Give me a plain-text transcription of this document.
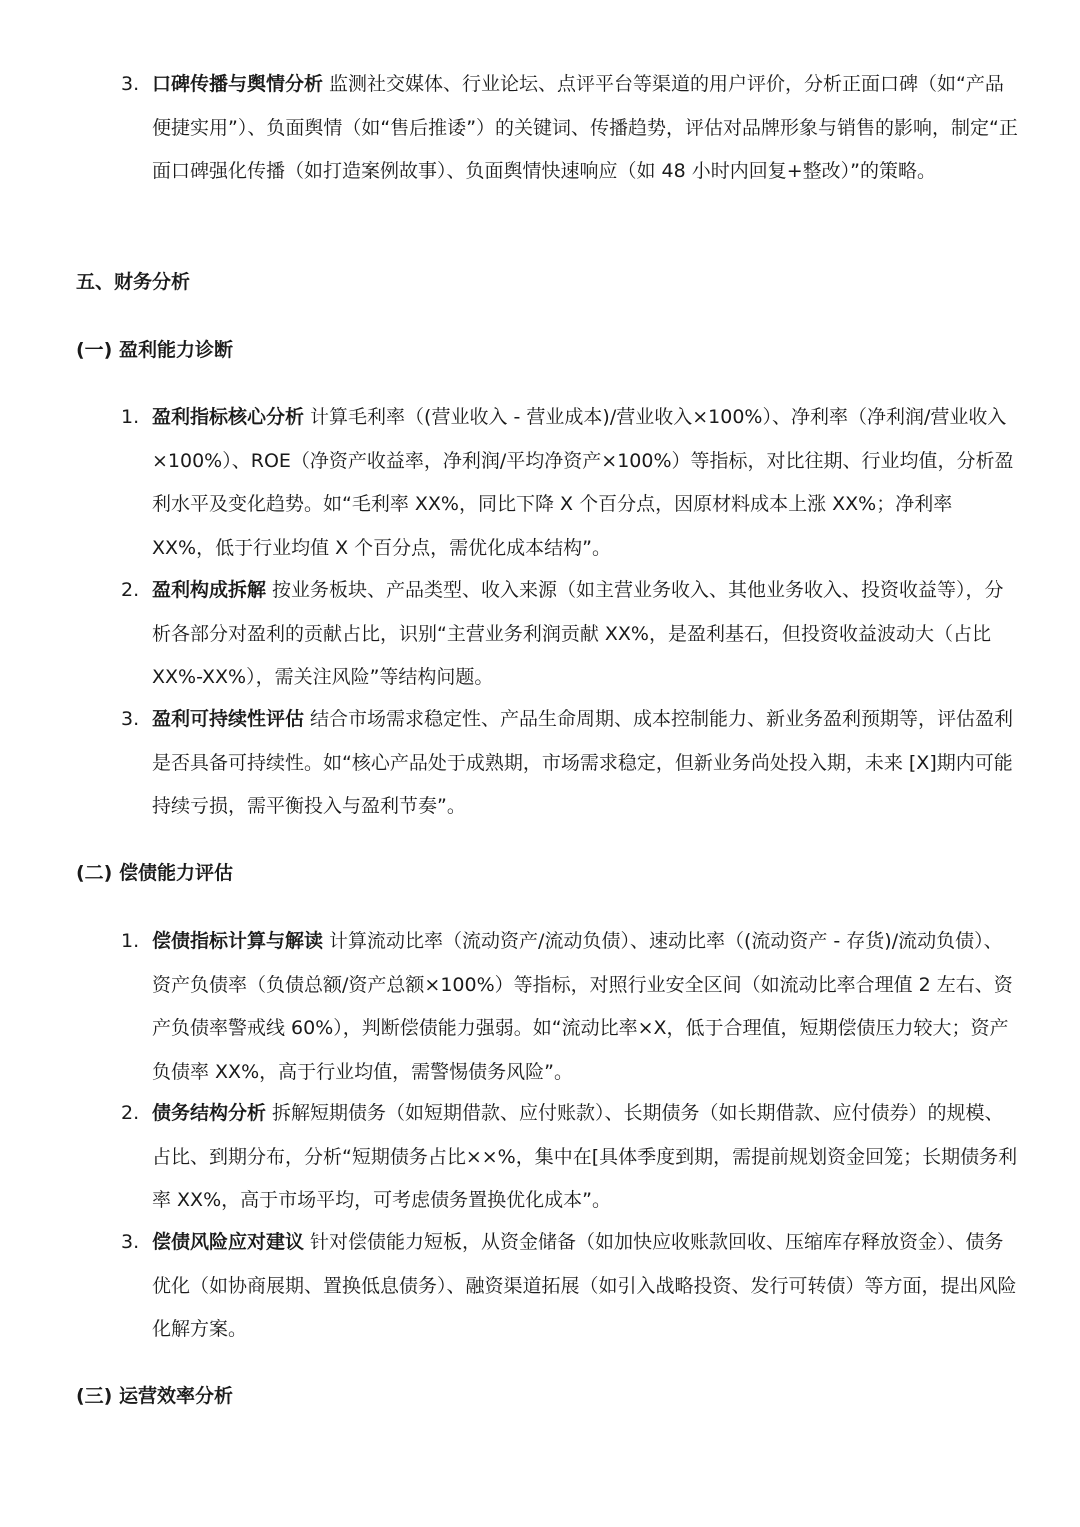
3. 口碑传播与舆情分析 监测社交媒体、行业论坛、点评平台等渠道的用户评价，分析正面口碑（如“产品便捷实用”）、负面舆情（如“售后推诿”）的关键词、传播趋势，评估对品牌形象与销售的影响，制定“正面口碑强化传播（如打造案例故事）、负面舆情快速响应（如 48 小时内回复+整改）”的策略。
五、财务分析
(一) 盈利能力诊断
1. 盈利指标核心分析 计算毛利率（(营业收入 - 营业成本)/营业收入×100%）、净利率（净利润/营业收入×100%）、ROE（净资产收益率，净利润/平均净资产×100%）等指标，对比往期、行业均值，分析盈利水平及变化趋势。如“毛利率 XX%，同比下降 X 个百分点，因原材料成本上涨 XX%；净利率 XX%，低于行业均值 X 个百分点，需优化成本结构”。
2. 盈利构成拆解 按业务板块、产品类型、收入来源（如主营业务收入、其他业务收入、投资收益等），分析各部分对盈利的贡献占比，识别“主营业务利润贡献 XX%，是盈利基石，但投资收益波动大（占比 XX%-XX%），需关注风险”等结构问题。
3. 盈利可持续性评估 结合市场需求稳定性、产品生命周期、成本控制能力、新业务盈利预期等，评估盈利是否具备可持续性。如“核心产品处于成熟期，市场需求稳定，但新业务尚处投入期，未来 [X]期内可能持续亏损，需平衡投入与盈利节奏”。
(二) 偿债能力评估
1. 偿债指标计算与解读 计算流动比率（流动资产/流动负债）、速动比率（(流动资产 - 存货)/流动负债）、资产负债率（负债总额/资产总额×100%）等指标，对照行业安全区间（如流动比率合理值 2 左右、资产负债率警戒线 60%），判断偿债能力强弱。如“流动比率×X，低于合理值，短期偿债压力较大；资产负债率 XX%，高于行业均值，需警惕债务风险”。
2. 债务结构分析 拆解短期债务（如短期借款、应付账款）、长期债务（如长期借款、应付债券）的规模、占比、到期分布，分析“短期债务占比××%，集中在[具体季度到期，需提前规划资金回笼；长期债务利率 XX%，高于市场平均，可考虑债务置换优化成本”。
3. 偿债风险应对建议 针对偿债能力短板，从资金储备（如加快应收账款回收、压缩库存释放资金）、债务优化（如协商展期、置换低息债务）、融资渠道拓展（如引入战略投资、发行可转债）等方面，提出风险化解方案。
(三) 运营效率分析
